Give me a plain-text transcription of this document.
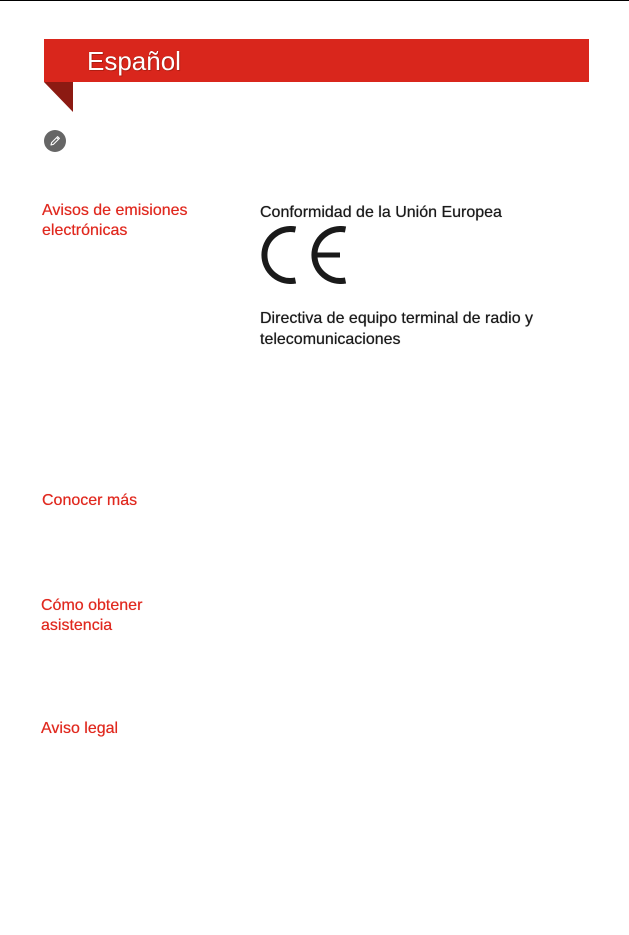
Español
Avisos de emisiones electrónicas
Conocer más
Cómo obtener asistencia
Aviso legal
Conformidad de la Unión Europea
Directiva de equipo terminal de radio y telecomunicaciones
